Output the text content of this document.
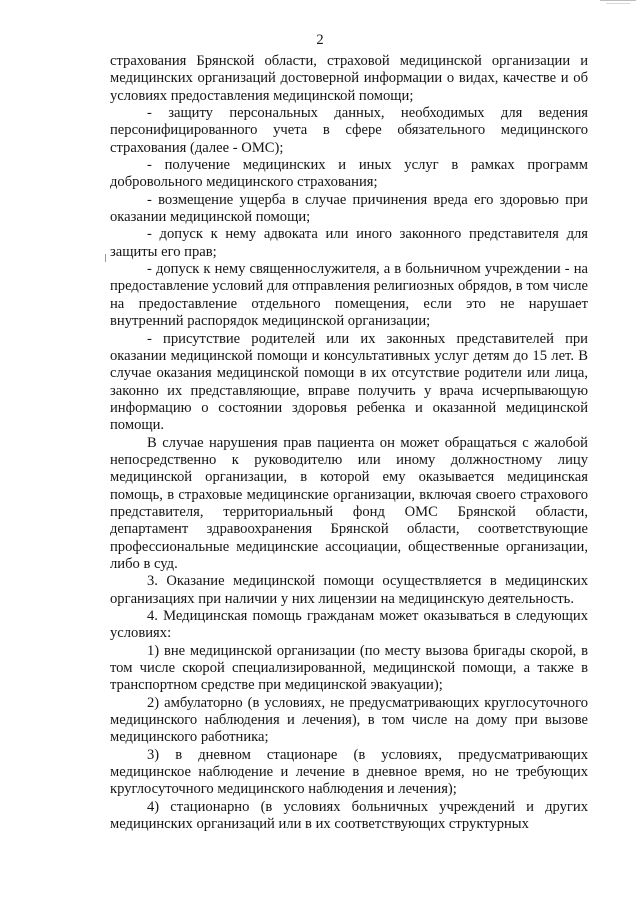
2

страхования Брянской области, страховой медицинской организации и медицинских организаций достоверной информации о видах, качестве и об условиях предоставления медицинской помощи;

- защиту персональных данных, необходимых для ведения персонифицированного учета в сфере обязательного медицинского страхования (далее - ОМС);

- получение медицинских и иных услуг в рамках программ добровольного медицинского страхования;

- возмещение ущерба в случае причинения вреда его здоровью при оказании медицинской помощи;

- допуск к нему адвоката или иного законного представителя для защиты его прав;

- допуск к нему священнослужителя, а в больничном учреждении - на предоставление условий для отправления религиозных обрядов, в том числе на предоставление отдельного помещения, если это не нарушает внутренний распорядок медицинской организации;

- присутствие родителей или их законных представителей при оказании медицинской помощи и консультативных услуг детям до 15 лет. В случае оказания медицинской помощи в их отсутствие родители или лица, законно их представляющие, вправе получить у врача исчерпывающую информацию о состоянии здоровья ребенка и оказанной медицинской помощи.

В случае нарушения прав пациента он может обращаться с жалобой непосредственно к руководителю или иному должностному лицу медицинской организации, в которой ему оказывается медицинская помощь, в страховые медицинские организации, включая своего страхового представителя, территориальный фонд ОМС Брянской области, департамент здравоохранения Брянской области, соответствующие профессиональные медицинские ассоциации, общественные организации, либо в суд.

3. Оказание медицинской помощи осуществляется в медицинских организациях при наличии у них лицензии на медицинскую деятельность.

4. Медицинская помощь гражданам может оказываться в следующих условиях:

1) вне медицинской организации (по месту вызова бригады скорой, в том числе скорой специализированной, медицинской помощи, а также в транспортном средстве при медицинской эвакуации);

2) амбулаторно (в условиях, не предусматривающих круглосуточного медицинского наблюдения и лечения), в том числе на дому при вызове медицинского работника;

3) в дневном стационаре (в условиях, предусматривающих медицинское наблюдение и лечение в дневное время, но не требующих круглосуточного медицинского наблюдения и лечения);

4) стационарно (в условиях больничных учреждений и других медицинских организаций или в их соответствующих структурных
